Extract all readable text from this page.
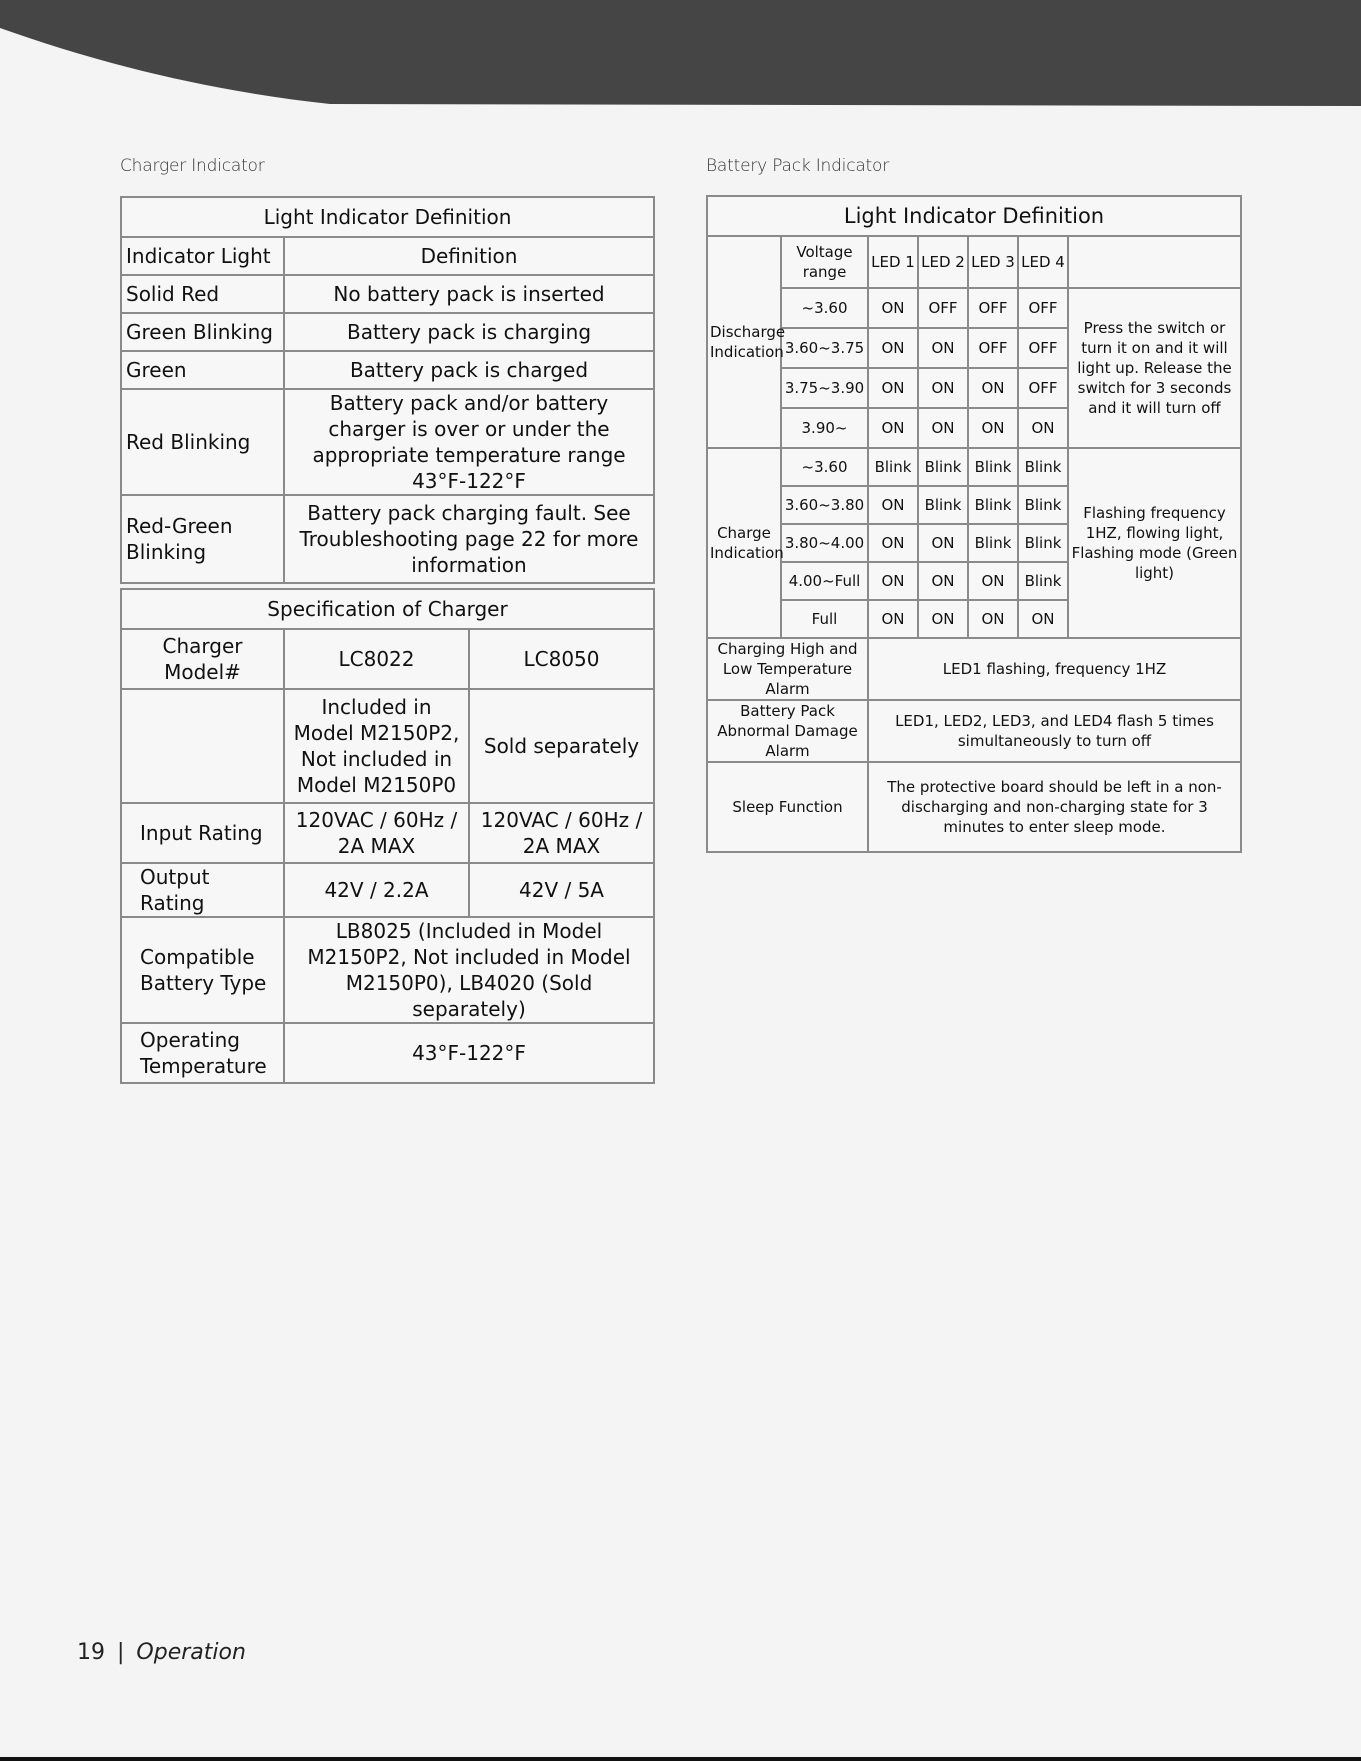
Charger Indicator	Battery Pack Indicator
Light Indicator Definition	
Indicator Light	Definition
Solid Red	No battery pack is inserted
Green Blinking	Battery pack is charging
Green	Battery pack is charged
Red Blinking	Battery pack and/or battery charger is over or under the appropriate temperature range 43°F-122°F
Red-Green Blinking	Battery pack charging fault. See Troubleshooting page 22 for more information
Specification of Charger		
Charger Model#	LC8022	LC8050
	Included in Model M2150P2, Not included in Model M2150P0	Sold separately
Input Rating	120VAC / 60Hz / 2A MAX	120VAC / 60Hz / 2A MAX
Output Rating	42V / 2.2A	42V / 5A
Compatible Battery Type	LB8025 (Included in Model M2150P2, Not included in Model M2150P0), LB4020 (Sold separately)	
Operating Temperature	43°F-122°F	
Light Indicator Definition						
Discharge Indication	Voltage range	LED 1	LED 2	LED 3	LED 4	
	~3.60	ON	OFF	OFF	OFF	Press the switch or turn it on and it will light up. Release the switch for 3 seconds and it will turn off
	3.60~3.75	ON	ON	OFF	OFF	
	3.75~3.90	ON	ON	ON	OFF	
	3.90~	ON	ON	ON	ON	
Charge Indication	~3.60	Blink	Blink	Blink	Blink	Flashing frequency 1HZ, flowing light, Flashing mode (Green light)
	3.60~3.80	ON	Blink	Blink	Blink	
	3.80~4.00	ON	ON	Blink	Blink	
	4.00~Full	ON	ON	ON	Blink	
	Full	ON	ON	ON	ON	
Charging High and Low Temperature Alarm		LED1 flashing, frequency 1HZ				
Battery Pack Abnormal Damage Alarm		LED1, LED2, LED3, and LED4 flash 5 times simultaneously to turn off				
Sleep Function		The protective board should be left in a non-discharging and non-charging state for 3 minutes to enter sleep mode.				
19 | Operation
